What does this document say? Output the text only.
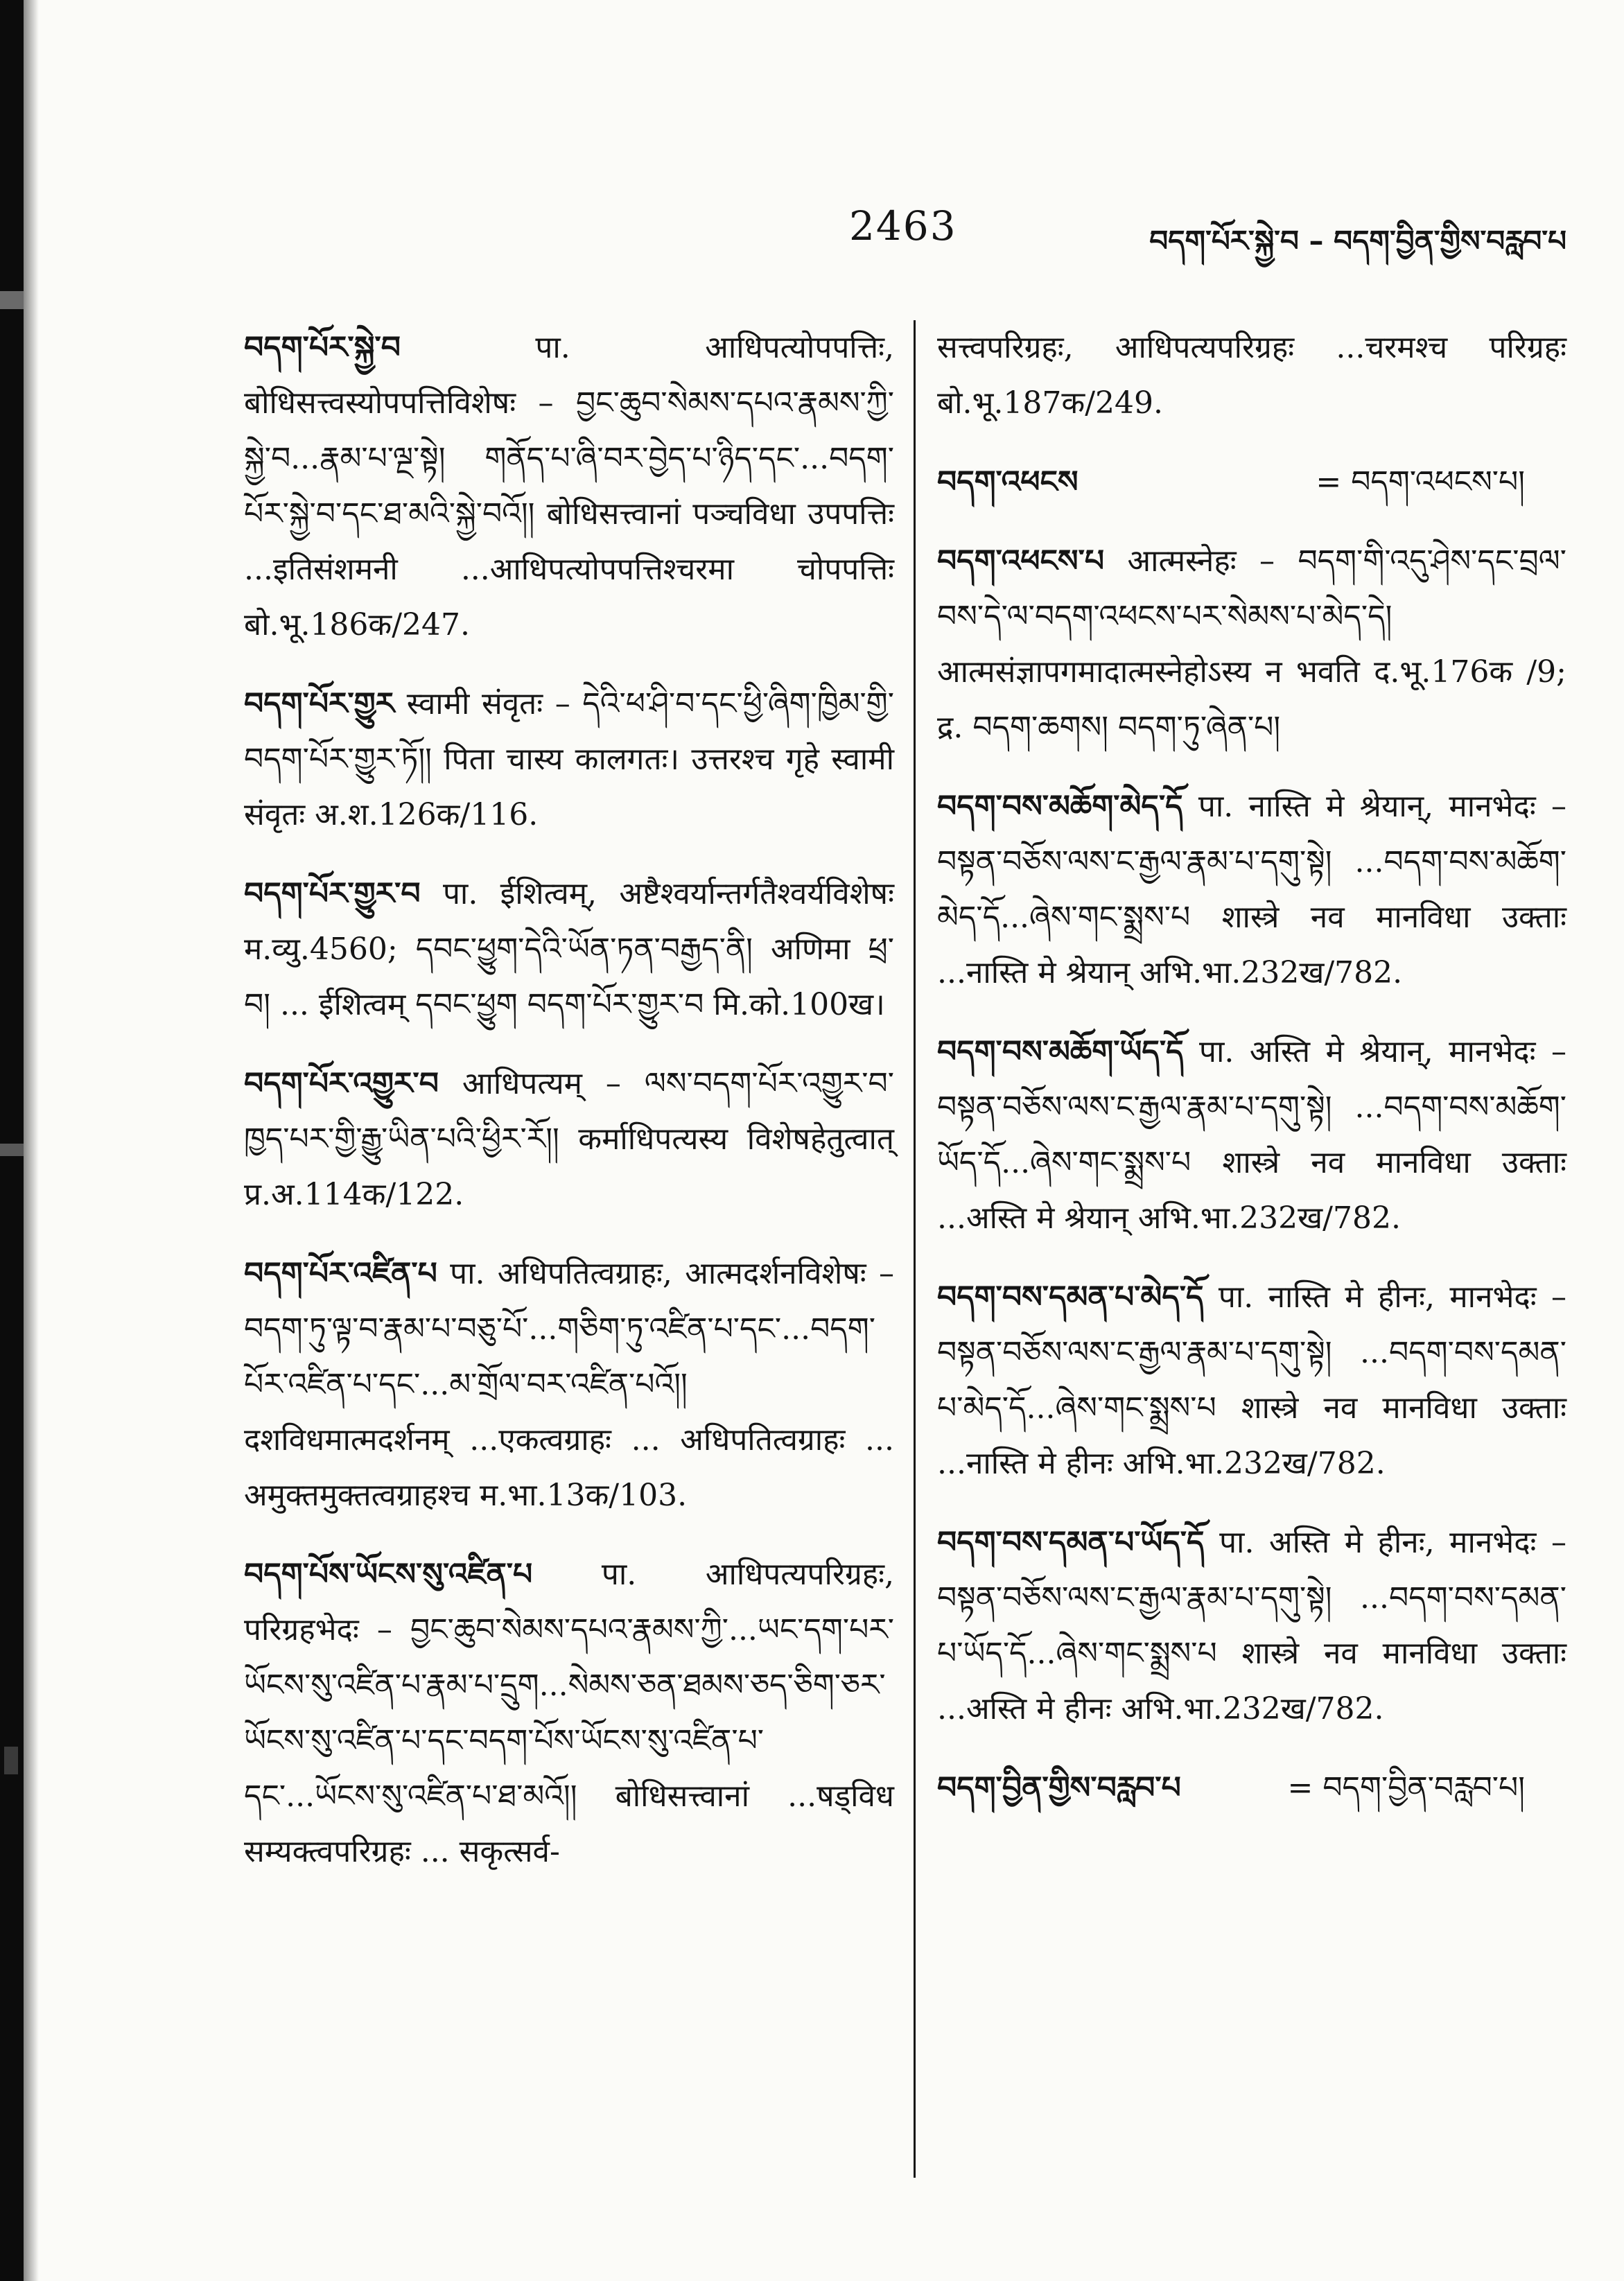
2463	བདག་པོར་སྐྱེ་བ – བདག་བྱིན་གྱིས་བརླབ་པ

བདག་པོར་སྐྱེ་བ	पा. आधिपत्योपपत्तिः, बोधिसत्त्वस्योपपत्तिविशेषः – བྱང་ཆུབ་སེམས་དཔའ་རྣམས་ཀྱི་སྐྱེ་བ...རྣམ་པ་ལྔ་སྟེ། གནོད་པ་ཞི་བར་བྱེད་པ་ཉིད་དང་...བདག་པོར་སྐྱེ་བ་དང་ཐ་མའི་སྐྱེ་བའོ།། बोधिसत्त्वानां पञ्चविधा उपपत्तिः ...इतिसंशमनी ...आधिपत्योपपत्तिश्चरमा चोपपत्तिः बो.भू.186क/247.

བདག་པོར་གྱུར स्वामी संवृतः – དེའི་ཕ་ཤི་བ་དང་ཕྱི་ཞིག་ཁྱིམ་གྱི་བདག་པོར་གྱུར་ཏོ།། पिता चास्य कालगतः। उत्तरश्च गृहे स्वामी संवृतः अ.श.126क/116.

བདག་པོར་གྱུར་བ पा. ईशित्वम्, अष्टैश्वर्यान्तर्गतैश्वर्यविशेषः म.व्यु.4560; དབང་ཕྱུག་དེའི་ཡོན་ཏན་བརྒྱད་ནི། अणिमा ཕྲ་བ། ... ईशित्वम् དབང་ཕྱུག བདག་པོར་གྱུར་བ मि.को.100ख।

བདག་པོར་འགྱུར་བ आधिपत्यम् – ལས་བདག་པོར་འགྱུར་བ་ཁྱད་པར་གྱི་རྒྱུ་ཡིན་པའི་ཕྱིར་རོ།། कर्माधिपत्यस्य विशेषहेतुत्वात् प्र.अ.114क/122.

བདག་པོར་འཛིན་པ पा. अधिपतित्वग्राहः, आत्मदर्शनविशेषः – བདག་ཏུ་ལྟ་བ་རྣམ་པ་བཅུ་པོ་...གཅིག་ཏུ་འཛིན་པ་དང་...བདག་པོར་འཛིན་པ་དང་...མ་གྲོལ་བར་འཛིན་པའོ།། दशविधमात्मदर्शनम् ...एकत्वग्राहः ... अधिपतित्वग्राहः ... अमुक्तमुक्तत्वग्राहश्च म.भा.13क/103.

བདག་པོས་ཡོངས་སུ་འཛིན་པ पा. आधिपत्यपरिग्रहः, परिग्रहभेदः – བྱང་ཆུབ་སེམས་དཔའ་རྣམས་ཀྱི་...ཡང་དག་པར་ཡོངས་སུ་འཛིན་པ་རྣམ་པ་དྲུག...སེམས་ཅན་ཐམས་ཅད་ཅིག་ཅར་ཡོངས་སུ་འཛིན་པ་དང་བདག་པོས་ཡོངས་སུ་འཛིན་པ་དང་...ཡོངས་སུ་འཛིན་པ་ཐ་མའོ།། बोधिसत्त्वानां ...षड्विध सम्यक्त्वपरिग्रहः ... सकृत्सर्व-

सत्त्वपरिग्रहः, आधिपत्यपरिग्रहः ...चरमश्च परिग्रहः बो.भू.187क/249.

བདག་འཕངས	= བདག་འཕངས་པ།

བདག་འཕངས་པ आत्मस्नेहः – བདག་གི་འདུ་ཤེས་དང་བྲལ་བས་དེ་ལ་བདག་འཕངས་པར་སེམས་པ་མེད་དེ། आत्मसंज्ञापगमादात्मस्नेहोऽस्य न भवति द.भू.176क /9; द्र. བདག་ཆགས། བདག་ཏུ་ཞེན་པ།

བདག་བས་མཆོག་མེད་དོ पा. नास्ति मे श्रेयान्, मानभेदः – བསྟན་བཅོས་ལས་ང་རྒྱལ་རྣམ་པ་དགུ་སྟེ། ...བདག་བས་མཆོག་མེད་དོ...ཞེས་གང་སྨྲས་པ शास्त्रे नव मानविधा उक्ताः ...नास्ति मे श्रेयान् अभि.भा.232ख/782.

བདག་བས་མཆོག་ཡོད་དོ पा. अस्ति मे श्रेयान्, मानभेदः – བསྟན་བཅོས་ལས་ང་རྒྱལ་རྣམ་པ་དགུ་སྟེ། ...བདག་བས་མཆོག་ཡོད་དོ...ཞེས་གང་སྨྲས་པ शास्त्रे नव मानविधा उक्ताः ...अस्ति मे श्रेयान् अभि.भा.232ख/782.

བདག་བས་དམན་པ་མེད་དོ पा. नास्ति मे हीनः, मानभेदः – བསྟན་བཅོས་ལས་ང་རྒྱལ་རྣམ་པ་དགུ་སྟེ། ...བདག་བས་དམན་པ་མེད་དོ...ཞེས་གང་སྨྲས་པ शास्त्रे नव मानविधा उक्ताः ...नास्ति मे हीनः अभि.भा.232ख/782.

བདག་བས་དམན་པ་ཡོད་དོ पा. अस्ति मे हीनः, मानभेदः – བསྟན་བཅོས་ལས་ང་རྒྱལ་རྣམ་པ་དགུ་སྟེ། ...བདག་བས་དམན་པ་ཡོད་དོ...ཞེས་གང་སྨྲས་པ शास्त्रे नव मानविधा उक्ताः ...अस्ति मे हीनः अभि.भा.232ख/782.

བདག་བྱིན་གྱིས་བརླབ་པ	= བདག་བྱིན་བརླབ་པ།
